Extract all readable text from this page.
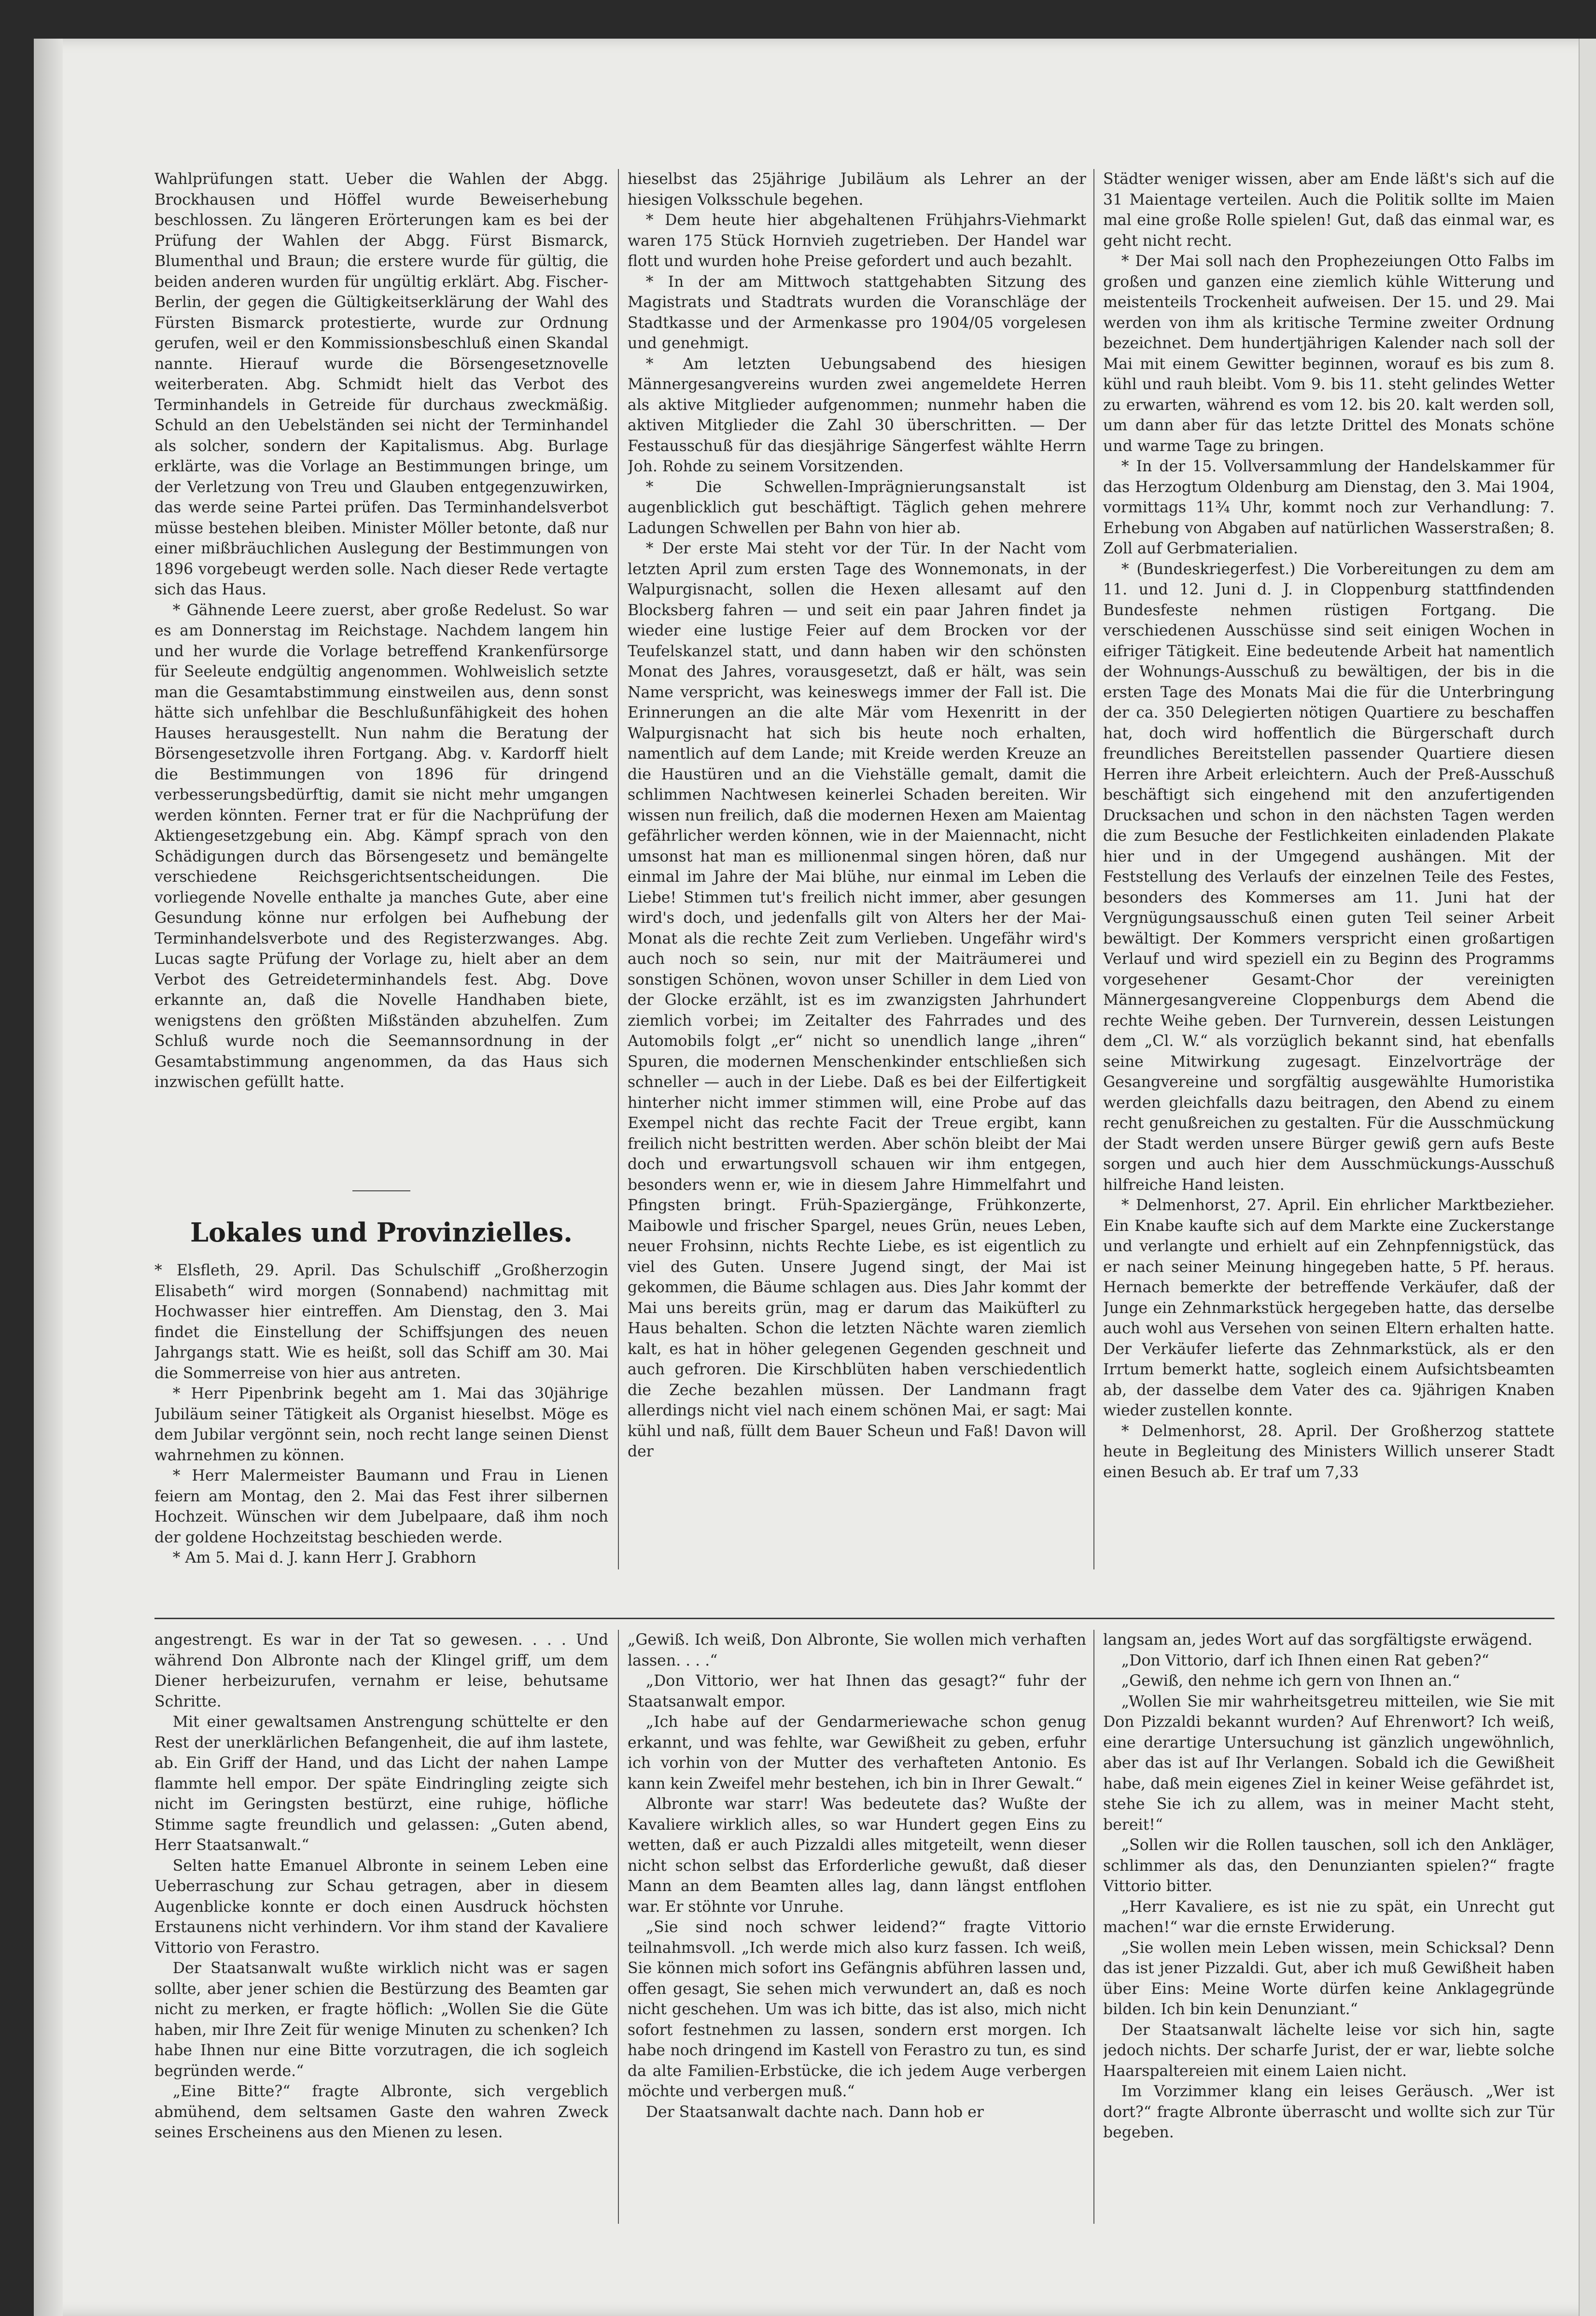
Wahlprüfungen statt. Ueber die Wahlen der Abgg. Brockhausen und Höffel wurde Beweiserhebung beschlossen. Zu längeren Erörterungen kam es bei der Prüfung der Wahlen der Abgg. Fürst Bismarck, Blumenthal und Braun; die erstere wurde für gültig, die beiden anderen wurden für ungültig erklärt. Abg. Fischer-Berlin, der gegen die Gültigkeitserklärung der Wahl des Fürsten Bismarck protestierte, wurde zur Ordnung gerufen, weil er den Kommissionsbeschluß einen Skandal nannte. Hierauf wurde die Börsengesetznovelle weiterberaten. Abg. Schmidt hielt das Verbot des Terminhandels in Getreide für durchaus zweckmäßig. Schuld an den Uebelständen sei nicht der Terminhandel als solcher, sondern der Kapitalismus. Abg. Burlage erklärte, was die Vorlage an Bestimmungen bringe, um der Verletzung von Treu und Glauben entgegenzuwirken, das werde seine Partei prüfen. Das Terminhandelsverbot müsse bestehen bleiben. Minister Möller betonte, daß nur einer mißbräuchlichen Auslegung der Bestimmungen von 1896 vorgebeugt werden solle. Nach dieser Rede vertagte sich das Haus.

* Gähnende Leere zuerst, aber große Redelust. So war es am Donnerstag im Reichstage. Nachdem langem hin und her wurde die Vorlage betreffend Krankenfürsorge für Seeleute endgültig angenommen. Wohlweislich setzte man die Gesamtabstimmung einstweilen aus, denn sonst hätte sich unfehlbar die Beschlußunfähigkeit des hohen Hauses herausgestellt. Nun nahm die Beratung der Börsengesetzvolle ihren Fortgang. Abg. v. Kardorff hielt die Bestimmungen von 1896 für dringend verbesserungsbedürftig, damit sie nicht mehr umgangen werden könnten. Ferner trat er für die Nachprüfung der Aktiengesetzgebung ein. Abg. Kämpf sprach von den Schädigungen durch das Börsengesetz und bemängelte verschiedene Reichsgerichtsentscheidungen. Die vorliegende Novelle enthalte ja manches Gute, aber eine Gesundung könne nur erfolgen bei Aufhebung der Terminhandelsverbote und des Registerzwanges. Abg. Lucas sagte Prüfung der Vorlage zu, hielt aber an dem Verbot des Getreideterminhandels fest. Abg. Dove erkannte an, daß die Novelle Handhaben biete, wenigstens den größten Mißständen abzuhelfen. Zum Schluß wurde noch die Seemannsordnung in der Gesamtabstimmung angenommen, da das Haus sich inzwischen gefüllt hatte.

Lokales und Provinzielles.

* Elsfleth, 29. April. Das Schulschiff „Großherzogin Elisabeth“ wird morgen (Sonnabend) nachmittag mit Hochwasser hier eintreffen. Am Dienstag, den 3. Mai findet die Einstellung der Schiffsjungen des neuen Jahrgangs statt. Wie es heißt, soll das Schiff am 30. Mai die Sommerreise von hier aus antreten.

* Herr Pipenbrink begeht am 1. Mai das 30jährige Jubiläum seiner Tätigkeit als Organist hieselbst. Möge es dem Jubilar vergönnt sein, noch recht lange seinen Dienst wahrnehmen zu können.

* Herr Malermeister Baumann und Frau in Lienen feiern am Montag, den 2. Mai das Fest ihrer silbernen Hochzeit. Wünschen wir dem Jubelpaare, daß ihm noch der goldene Hochzeitstag beschieden werde.

* Am 5. Mai d. J. kann Herr J. Grabhorn

hieselbst das 25jährige Jubiläum als Lehrer an der hiesigen Volksschule begehen.

* Dem heute hier abgehaltenen Frühjahrs-Viehmarkt waren 175 Stück Hornvieh zugetrieben. Der Handel war flott und wurden hohe Preise gefordert und auch bezahlt.

* In der am Mittwoch stattgehabten Sitzung des Magistrats und Stadtrats wurden die Voranschläge der Stadtkasse und der Armenkasse pro 1904/05 vorgelesen und genehmigt.

* Am letzten Uebungsabend des hiesigen Männergesangvereins wurden zwei angemeldete Herren als aktive Mitglieder aufgenommen; nunmehr haben die aktiven Mitglieder die Zahl 30 überschritten. — Der Festausschuß für das diesjährige Sängerfest wählte Herrn Joh. Rohde zu seinem Vorsitzenden.

* Die Schwellen-Imprägnierungsanstalt ist augenblicklich gut beschäftigt. Täglich gehen mehrere Ladungen Schwellen per Bahn von hier ab.

* Der erste Mai steht vor der Tür. In der Nacht vom letzten April zum ersten Tage des Wonnemonats, in der Walpurgisnacht, sollen die Hexen allesamt auf den Blocksberg fahren — und seit ein paar Jahren findet ja wieder eine lustige Feier auf dem Brocken vor der Teufelskanzel statt, und dann haben wir den schönsten Monat des Jahres, vorausgesetzt, daß er hält, was sein Name verspricht, was keineswegs immer der Fall ist. Die Erinnerungen an die alte Mär vom Hexenritt in der Walpurgisnacht hat sich bis heute noch erhalten, namentlich auf dem Lande; mit Kreide werden Kreuze an die Haustüren und an die Viehställe gemalt, damit die schlimmen Nachtwesen keinerlei Schaden bereiten. Wir wissen nun freilich, daß die modernen Hexen am Maientag gefährlicher werden können, wie in der Maiennacht, nicht umsonst hat man es millionenmal singen hören, daß nur einmal im Jahre der Mai blühe, nur einmal im Leben die Liebe! Stimmen tut's freilich nicht immer, aber gesungen wird's doch, und jedenfalls gilt von Alters her der Mai-Monat als die rechte Zeit zum Verlieben. Ungefähr wird's auch noch so sein, nur mit der Maiträumerei und sonstigen Schönen, wovon unser Schiller in dem Lied von der Glocke erzählt, ist es im zwanzigsten Jahrhundert ziemlich vorbei; im Zeitalter des Fahrrades und des Automobils folgt „er“ nicht so unendlich lange „ihren“ Spuren, die modernen Menschenkinder entschließen sich schneller — auch in der Liebe. Daß es bei der Eilfertigkeit hinterher nicht immer stimmen will, eine Probe auf das Exempel nicht das rechte Facit der Treue ergibt, kann freilich nicht bestritten werden. Aber schön bleibt der Mai doch und erwartungsvoll schauen wir ihm entgegen, besonders wenn er, wie in diesem Jahre Himmelfahrt und Pfingsten bringt. Früh-Spaziergänge, Frühkonzerte, Maibowle und frischer Spargel, neues Grün, neues Leben, neuer Frohsinn, nichts Rechte Liebe, es ist eigentlich zu viel des Guten. Unsere Jugend singt, der Mai ist gekommen, die Bäume schlagen aus. Dies Jahr kommt der Mai uns bereits grün, mag er darum das Maiküfterl zu Haus behalten. Schon die letzten Nächte waren ziemlich kalt, es hat in höher gelegenen Gegenden geschneit und auch gefroren. Die Kirschblüten haben verschiedentlich die Zeche bezahlen müssen. Der Landmann fragt allerdings nicht viel nach einem schönen Mai, er sagt: Mai kühl und naß, füllt dem Bauer Scheun und Faß! Davon will der

Städter weniger wissen, aber am Ende läßt's sich auf die 31 Maientage verteilen. Auch die Politik sollte im Maien mal eine große Rolle spielen! Gut, daß das einmal war, es geht nicht recht.

* Der Mai soll nach den Prophezeiungen Otto Falbs im großen und ganzen eine ziemlich kühle Witterung und meistenteils Trockenheit aufweisen. Der 15. und 29. Mai werden von ihm als kritische Termine zweiter Ordnung bezeichnet. Dem hundertjährigen Kalender nach soll der Mai mit einem Gewitter beginnen, worauf es bis zum 8. kühl und rauh bleibt. Vom 9. bis 11. steht gelindes Wetter zu erwarten, während es vom 12. bis 20. kalt werden soll, um dann aber für das letzte Drittel des Monats schöne und warme Tage zu bringen.

* In der 15. Vollversammlung der Handelskammer für das Herzogtum Oldenburg am Dienstag, den 3. Mai 1904, vormittags 11¾ Uhr, kommt noch zur Verhandlung: 7. Erhebung von Abgaben auf natürlichen Wasserstraßen; 8. Zoll auf Gerbmaterialien.

* (Bundeskriegerfest.) Die Vorbereitungen zu dem am 11. und 12. Juni d. J. in Cloppenburg stattfindenden Bundesfeste nehmen rüstigen Fortgang. Die verschiedenen Ausschüsse sind seit einigen Wochen in eifriger Tätigkeit. Eine bedeutende Arbeit hat namentlich der Wohnungs-Ausschuß zu bewältigen, der bis in die ersten Tage des Monats Mai die für die Unterbringung der ca. 350 Delegierten nötigen Quartiere zu beschaffen hat, doch wird hoffentlich die Bürgerschaft durch freundliches Bereitstellen passender Quartiere diesen Herren ihre Arbeit erleichtern. Auch der Preß-Ausschuß beschäftigt sich eingehend mit den anzufertigenden Drucksachen und schon in den nächsten Tagen werden die zum Besuche der Festlichkeiten einladenden Plakate hier und in der Umgegend aushängen. Mit der Feststellung des Verlaufs der einzelnen Teile des Festes, besonders des Kommerses am 11. Juni hat der Vergnügungsausschuß einen guten Teil seiner Arbeit bewältigt. Der Kommers verspricht einen großartigen Verlauf und wird speziell ein zu Beginn des Programms vorgesehener Gesamt-Chor der vereinigten Männergesangvereine Cloppenburgs dem Abend die rechte Weihe geben. Der Turnverein, dessen Leistungen dem „Cl. W.“ als vorzüglich bekannt sind, hat ebenfalls seine Mitwirkung zugesagt. Einzelvorträge der Gesangvereine und sorgfältig ausgewählte Humoristika werden gleichfalls dazu beitragen, den Abend zu einem recht genußreichen zu gestalten. Für die Ausschmückung der Stadt werden unsere Bürger gewiß gern aufs Beste sorgen und auch hier dem Ausschmückungs-Ausschuß hilfreiche Hand leisten.

* Delmenhorst, 27. April. Ein ehrlicher Marktbezieher. Ein Knabe kaufte sich auf dem Markte eine Zuckerstange und verlangte und erhielt auf ein Zehnpfennigstück, das er nach seiner Meinung hingegeben hatte, 5 Pf. heraus. Hernach bemerkte der betreffende Verkäufer, daß der Junge ein Zehnmarkstück hergegeben hatte, das derselbe auch wohl aus Versehen von seinen Eltern erhalten hatte. Der Verkäufer lieferte das Zehnmarkstück, als er den Irrtum bemerkt hatte, sogleich einem Aufsichtsbeamten ab, der dasselbe dem Vater des ca. 9jährigen Knaben wieder zustellen konnte.

* Delmenhorst, 28. April. Der Großherzog stattete heute in Begleitung des Ministers Willich unserer Stadt einen Besuch ab. Er traf um 7,33

angestrengt. Es war in der Tat so gewesen. . . . Und während Don Albronte nach der Klingel griff, um dem Diener herbeizurufen, vernahm er leise, behutsame Schritte.

Mit einer gewaltsamen Anstrengung schüttelte er den Rest der unerklärlichen Befangenheit, die auf ihm lastete, ab. Ein Griff der Hand, und das Licht der nahen Lampe flammte hell empor. Der späte Eindringling zeigte sich nicht im Geringsten bestürzt, eine ruhige, höfliche Stimme sagte freundlich und gelassen: „Guten abend, Herr Staatsanwalt.“

Selten hatte Emanuel Albronte in seinem Leben eine Ueberraschung zur Schau getragen, aber in diesem Augenblicke konnte er doch einen Ausdruck höchsten Erstaunens nicht verhindern. Vor ihm stand der Kavaliere Vittorio von Ferastro.

Der Staatsanwalt wußte wirklich nicht was er sagen sollte, aber jener schien die Bestürzung des Beamten gar nicht zu merken, er fragte höflich: „Wollen Sie die Güte haben, mir Ihre Zeit für wenige Minuten zu schenken? Ich habe Ihnen nur eine Bitte vorzutragen, die ich sogleich begründen werde.“

„Eine Bitte?“ fragte Albronte, sich vergeblich abmühend, dem seltsamen Gaste den wahren Zweck seines Erscheinens aus den Mienen zu lesen.

„Gewiß. Ich weiß, Don Albronte, Sie wollen mich verhaften lassen. . . .“

„Don Vittorio, wer hat Ihnen das gesagt?“ fuhr der Staatsanwalt empor.

„Ich habe auf der Gendarmeriewache schon genug erkannt, und was fehlte, war Gewißheit zu geben, erfuhr ich vorhin von der Mutter des verhafteten Antonio. Es kann kein Zweifel mehr bestehen, ich bin in Ihrer Gewalt.“

Albronte war starr! Was bedeutete das? Wußte der Kavaliere wirklich alles, so war Hundert gegen Eins zu wetten, daß er auch Pizzaldi alles mitgeteilt, wenn dieser nicht schon selbst das Erforderliche gewußt, daß dieser Mann an dem Beamten alles lag, dann längst entflohen war. Er stöhnte vor Unruhe.

„Sie sind noch schwer leidend?“ fragte Vittorio teilnahmsvoll. „Ich werde mich also kurz fassen. Ich weiß, Sie können mich sofort ins Gefängnis abführen lassen und, offen gesagt, Sie sehen mich verwundert an, daß es noch nicht geschehen. Um was ich bitte, das ist also, mich nicht sofort festnehmen zu lassen, sondern erst morgen. Ich habe noch dringend im Kastell von Ferastro zu tun, es sind da alte Familien-Erbstücke, die ich jedem Auge verbergen möchte und verbergen muß.“

Der Staatsanwalt dachte nach. Dann hob er

langsam an, jedes Wort auf das sorgfältigste erwägend.

„Don Vittorio, darf ich Ihnen einen Rat geben?“

„Gewiß, den nehme ich gern von Ihnen an.“

„Wollen Sie mir wahrheitsgetreu mitteilen, wie Sie mit Don Pizzaldi bekannt wurden? Auf Ehrenwort? Ich weiß, eine derartige Untersuchung ist gänzlich ungewöhnlich, aber das ist auf Ihr Verlangen. Sobald ich die Gewißheit habe, daß mein eigenes Ziel in keiner Weise gefährdet ist, stehe Sie ich zu allem, was in meiner Macht steht, bereit!“

„Sollen wir die Rollen tauschen, soll ich den Ankläger, schlimmer als das, den Denunzianten spielen?“ fragte Vittorio bitter.

„Herr Kavaliere, es ist nie zu spät, ein Unrecht gut machen!“ war die ernste Erwiderung.

„Sie wollen mein Leben wissen, mein Schicksal? Denn das ist jener Pizzaldi. Gut, aber ich muß Gewißheit haben über Eins: Meine Worte dürfen keine Anklagegründe bilden. Ich bin kein Denunziant.“

Der Staatsanwalt lächelte leise vor sich hin, sagte jedoch nichts. Der scharfe Jurist, der er war, liebte solche Haarspaltereien mit einem Laien nicht.

Im Vorzimmer klang ein leises Geräusch. „Wer ist dort?“ fragte Albronte überrascht und wollte sich zur Tür begeben.
